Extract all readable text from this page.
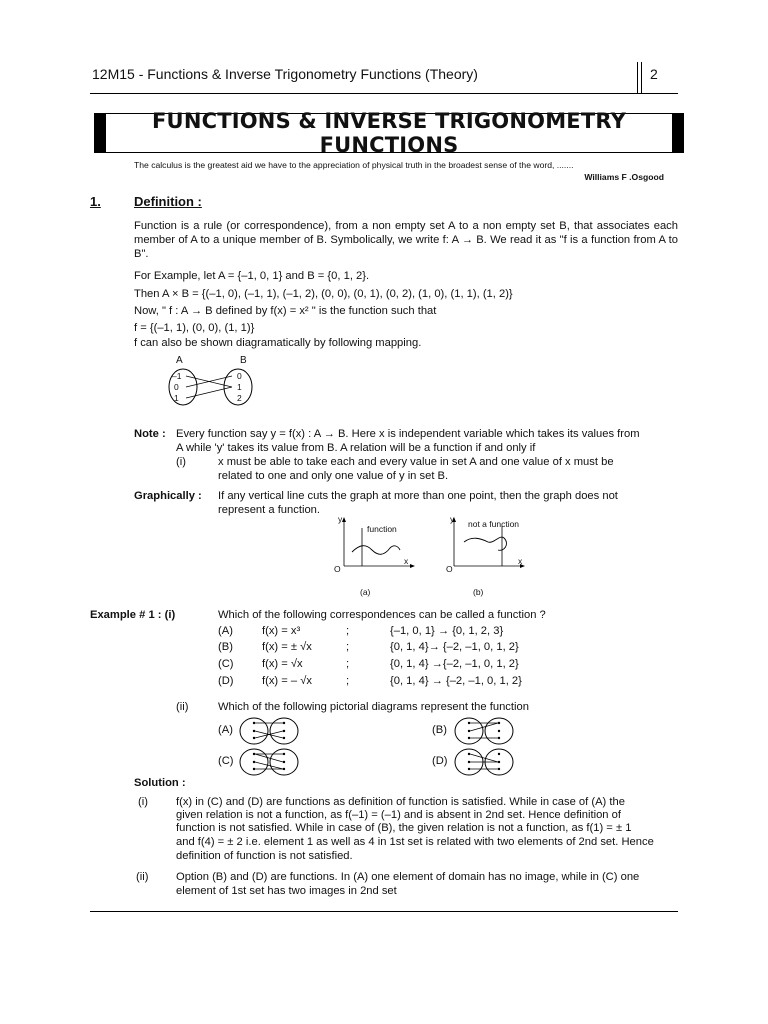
12M15 - Functions & Inverse Trigonometry Functions (Theory)	2
FUNCTIONS & INVERSE TRIGONOMETRY FUNCTIONS
The calculus is the greatest aid we have to the appreciation of physical truth in the broadest sense of the word, .......
Williams F .Osgood
1.	Definition :
Function is a rule (or correspondence), from a non empty set A to a non empty set B, that associates each member of A to a unique member of B. Symbolically, we write f: A → B. We read it as "f is a function from A to B".
For Example, let A = {–1, 0, 1} and B = {0, 1, 2}.
Then A × B = {(–1, 0), (–1, 1), (–1, 2), (0, 0), (0, 1), (0, 2), (1, 0), (1, 1), (1, 2)}
Now, " f : A → B defined by f(x) = x² " is the function such that
f = {(–1, 1), (0, 0), (1, 1)}
f can also be shown diagramatically by following mapping.
A	B
–1
0
1
0
1
2
Note : Every function say y = f(x) : A → B. Here x is independent variable which takes its values from
A while 'y' takes its value from B. A relation will be a function if and only if
(i)	x must be able to take each and every value in set A and one value of x must be
related to one and only one value of y in set B.
Graphically : If any vertical line cuts the graph at more than one point, then the graph does not
represent a function.
y
function
x
O
(a)
y not a function
x
O
(b)
Example # 1 : (i)	Which of the following correspondences can be called a function ?
(A)	f(x) = x³	;	{–1, 0, 1} → {0, 1, 2, 3}
(B)	f(x) = ± √x	;	{0, 1, 4}→ {–2, –1, 0, 1, 2}
(C)	f(x) = √x	;	{0, 1, 4} →{–2, –1, 0, 1, 2}
(D)	f(x) = – √x	;	{0, 1, 4} → {–2, –1, 0, 1, 2}
(ii)	Which of the following pictorial diagrams represent the function
(A)	(B)
(C)	(D)
Solution :
(i)	f(x) in (C) and (D) are functions as definition of function is satisfied. While in case of (A) the
given relation is not a function, as f(–1) = (–1) and is absent in 2nd set. Hence definition of
function is not satisfied. While in case of (B), the given relation is not a function, as f(1) = ± 1
and f(4) = ± 2 i.e. element 1 as well as 4 in 1st set is related with two elements of 2nd set. Hence
definition of function is not satisfied.
(ii) Option (B) and (D) are functions. In (A) one element of domain has no image, while in (C) one
element of 1st set has two images in 2nd set
